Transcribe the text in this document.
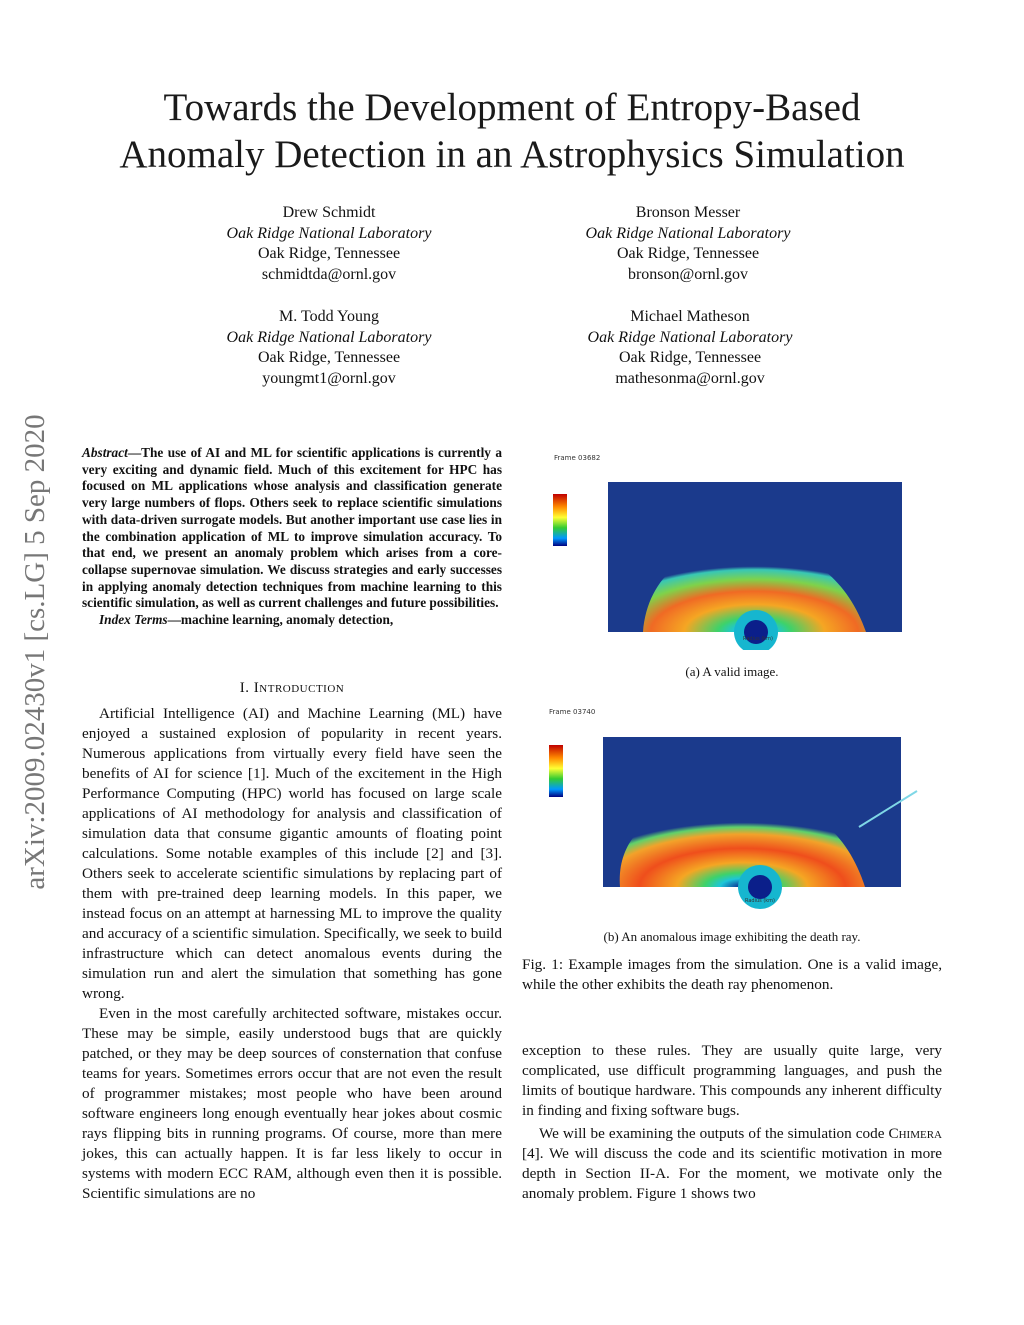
arXiv:2009.02430v1 [cs.LG] 5 Sep 2020
Towards the Development of Entropy-Based
Anomaly Detection in an Astrophysics Simulation
Drew Schmidt
Oak Ridge National Laboratory
Oak Ridge, Tennessee
schmidtda@ornl.gov
Bronson Messer
Oak Ridge National Laboratory
Oak Ridge, Tennessee
bronson@ornl.gov
M. Todd Young
Oak Ridge National Laboratory
Oak Ridge, Tennessee
youngmt1@ornl.gov
Michael Matheson
Oak Ridge National Laboratory
Oak Ridge, Tennessee
mathesonma@ornl.gov
Abstract—The use of AI and ML for scientific applications is currently a very exciting and dynamic field. Much of this excitement for HPC has focused on ML applications whose analysis and classification generate very large numbers of flops. Others seek to replace scientific simulations with data-driven surrogate models. But another important use case lies in the combination application of ML to improve simulation accuracy. To that end, we present an anomaly problem which arises from a core-collapse supernovae simulation. We discuss strategies and early successes in applying anomaly detection techniques from machine learning to this scientific simulation, as well as current challenges and future possibilities.
Index Terms—machine learning, anomaly detection,
I. Introduction

Artificial Intelligence (AI) and Machine Learning (ML) have enjoyed a sustained explosion of popularity in recent years. Numerous applications from virtually every field have seen the benefits of AI for science [1]. Much of the excitement in the High Performance Computing (HPC) world has focused on large scale applications of AI methodology for analysis and classification of simulation data that consume gigantic amounts of floating point calculations. Some notable examples of this include [2] and [3]. Others seek to accelerate scientific simulations by replacing part of them with pre-trained deep learning models. In this paper, we instead focus on an attempt at harnessing ML to improve the quality and accuracy of a scientific simulation. Specifically, we seek to build infrastructure which can detect anomalous events during the simulation run and alert the simulation that something has gone wrong.

Even in the most carefully architected software, mistakes occur. These may be simple, easily understood bugs that are quickly patched, or they may be deep sources of consternation that confuse teams for years. Sometimes errors occur that are not even the result of programmer mistakes; most people who have been around software engineers long enough eventually hear jokes about cosmic rays flipping bits in running programs. Of course, more than mere jokes, this can actually happen. It is far less likely to occur in systems with modern ECC RAM, although even then it is possible. Scientific simulations are no

Frame 03682
Radius (km)
(a) A valid image.
Frame 03740
Radius (km)
(b) An anomalous image exhibiting the death ray.
Fig. 1: Example images from the simulation. One is a valid image, while the other exhibits the death ray phenomenon.

exception to these rules. They are usually quite large, very complicated, use difficult programming languages, and push the limits of boutique hardware. This compounds any inherent difficulty in finding and fixing software bugs.

We will be examining the outputs of the simulation code Chimera [4]. We will discuss the code and its scientific motivation in more depth in Section II-A. For the moment, we motivate only the anomaly problem. Figure 1 shows two
